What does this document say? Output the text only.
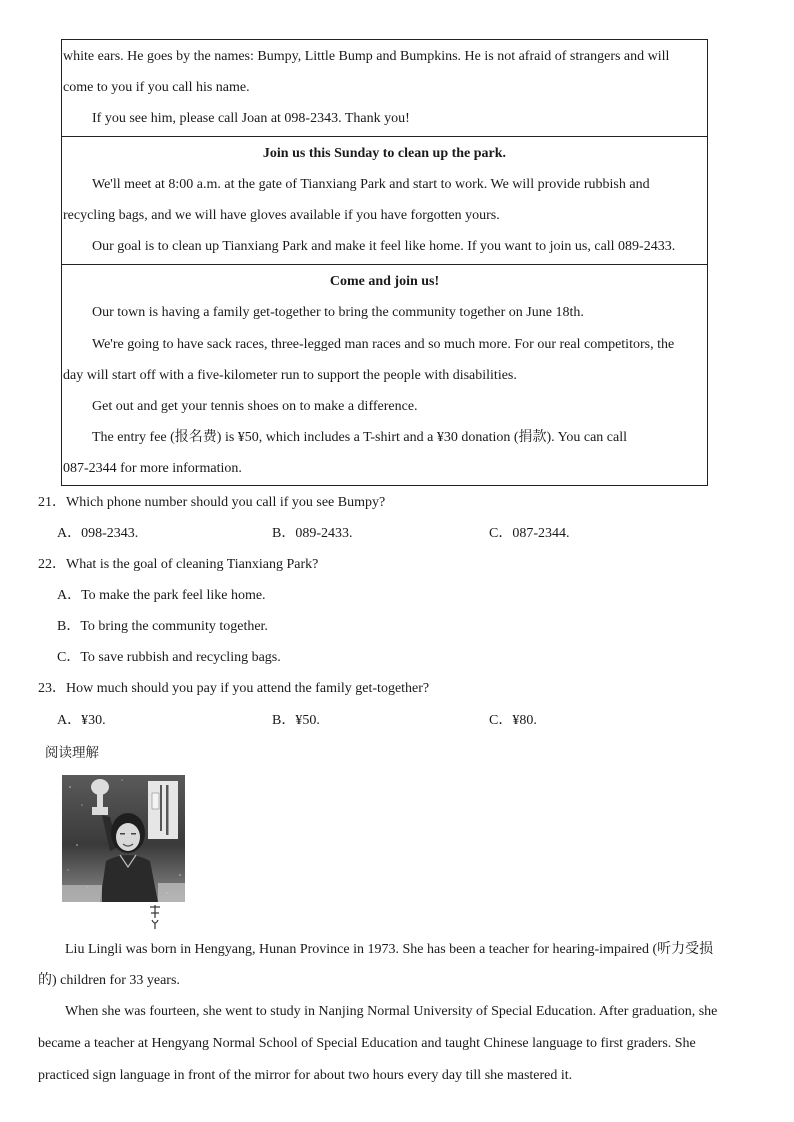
white ears. He goes by the names: Bumpy, Little Bump and Bumpkins. He is not afraid of strangers and will
come to you if you call his name.
If you see him, please call Joan at 098-2343. Thank you!
Join us this Sunday to clean up the park.
We'll meet at 8:00 a.m. at the gate of Tianxiang Park and start to work. We will provide rubbish and
recycling bags, and we will have gloves available if you have forgotten yours.
Our goal is to clean up Tianxiang Park and make it feel like home. If you want to join us, call 089-2433.
Come and join us!
Our town is having a family get-together to bring the community together on June 18th.
We're going to have sack races, three-legged man races and so much more. For our real competitors, the
day will start off with a five-kilometer run to support the people with disabilities.
Get out and get your tennis shoes on to make a difference.
The entry fee (报名费) is ¥50, which includes a T-shirt and a ¥30 donation (捐款). You can call
087-2344 for more information.
21．Which phone number should you call if you see Bumpy?
A．098-2343.	B．089-2433.	C．087-2344.
22．What is the goal of cleaning Tianxiang Park?
A．To make the park feel like home.
B．To bring the community together.
C．To save rubbish and recycling bags.
23．How much should you pay if you attend the family get-together?
A．¥30.	B．¥50.	C．¥80.
阅读理解
Liu Lingli was born in Hengyang, Hunan Province in 1973. She has been a teacher for hearing-impaired (听力受损
的) children for 33 years.
When she was fourteen, she went to study in Nanjing Normal University of Special Education. After graduation, she
became a teacher at Hengyang Normal School of Special Education and taught Chinese language to first graders. She
practiced sign language in front of the mirror for about two hours every day till she mastered it.
